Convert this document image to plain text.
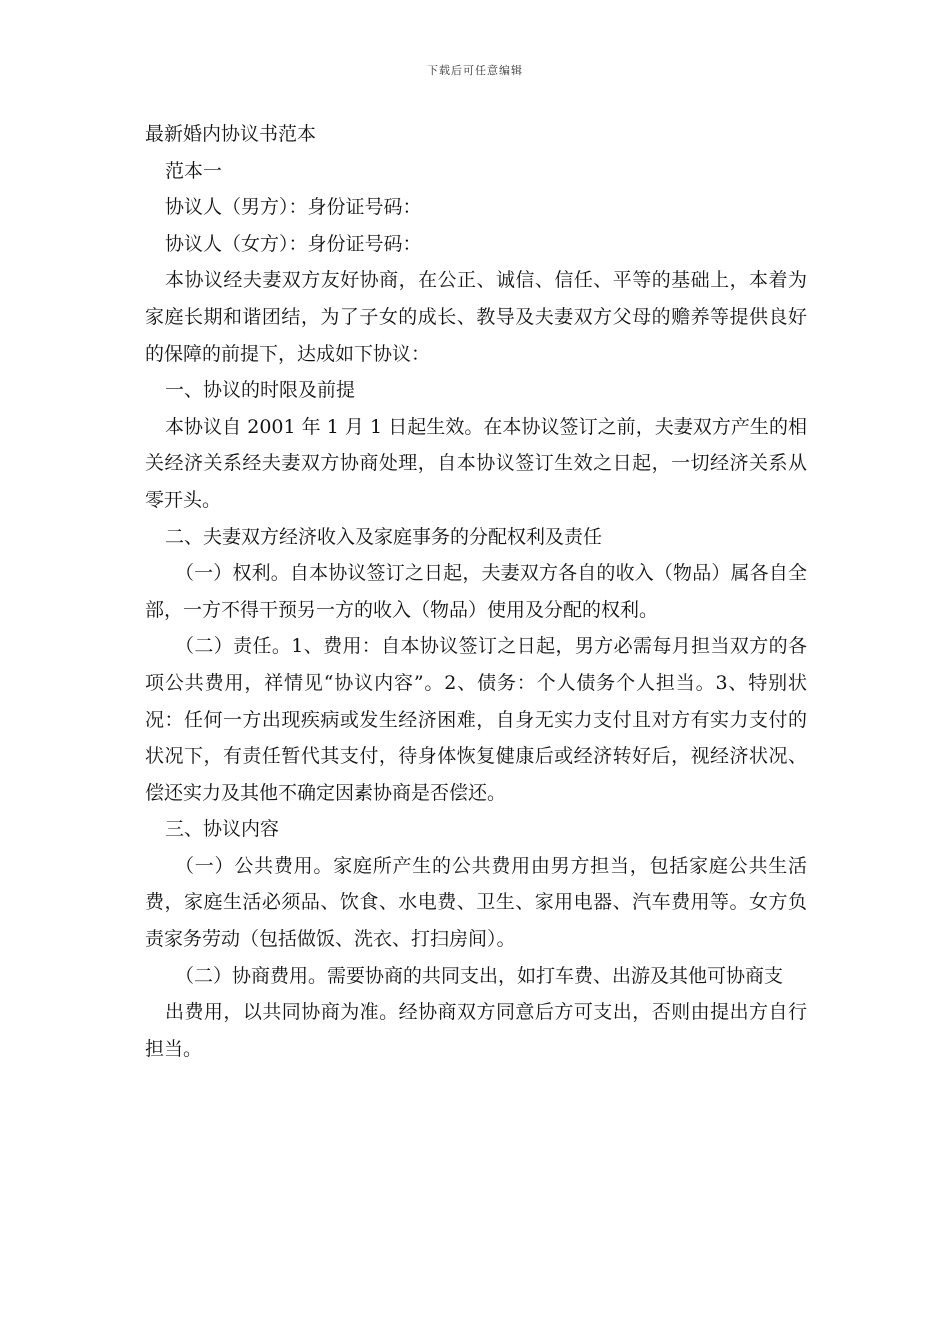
下载后可任意编辑

最新婚内协议书范本

范本一

协议人（男方）：身份证号码：

协议人（女方）：身份证号码：

本协议经夫妻双方友好协商，在公正、诚信、信任、平等的基础上，本着为家庭长期和谐团结，为了子女的成长、教导及夫妻双方父母的赡养等提供良好的保障的前提下，达成如下协议：

一、协议的时限及前提

本协议自 2001 年 1 月 1 日起生效。在本协议签订之前，夫妻双方产生的相关经济关系经夫妻双方协商处理，自本协议签订生效之日起，一切经济关系从零开头。

二、夫妻双方经济收入及家庭事务的分配权利及责任

（一）权利。自本协议签订之日起，夫妻双方各自的收入（物品）属各自全部，一方不得干预另一方的收入（物品）使用及分配的权利。

（二）责任。1、费用：自本协议签订之日起，男方必需每月担当双方的各项公共费用，祥情见“协议内容”。2、债务：个人债务个人担当。3、特别状况：任何一方出现疾病或发生经济困难，自身无实力支付且对方有实力支付的状况下，有责任暂代其支付，待身体恢复健康后或经济转好后，视经济状况、偿还实力及其他不确定因素协商是否偿还。

三、协议内容

（一）公共费用。家庭所产生的公共费用由男方担当，包括家庭公共生活费，家庭生活必须品、饮食、水电费、卫生、家用电器、汽车费用等。女方负责家务劳动（包括做饭、洗衣、打扫房间）。

（二）协商费用。需要协商的共同支出，如打车费、出游及其他可协商支

出费用，以共同协商为准。经协商双方同意后方可支出，否则由提出方自行担当。
